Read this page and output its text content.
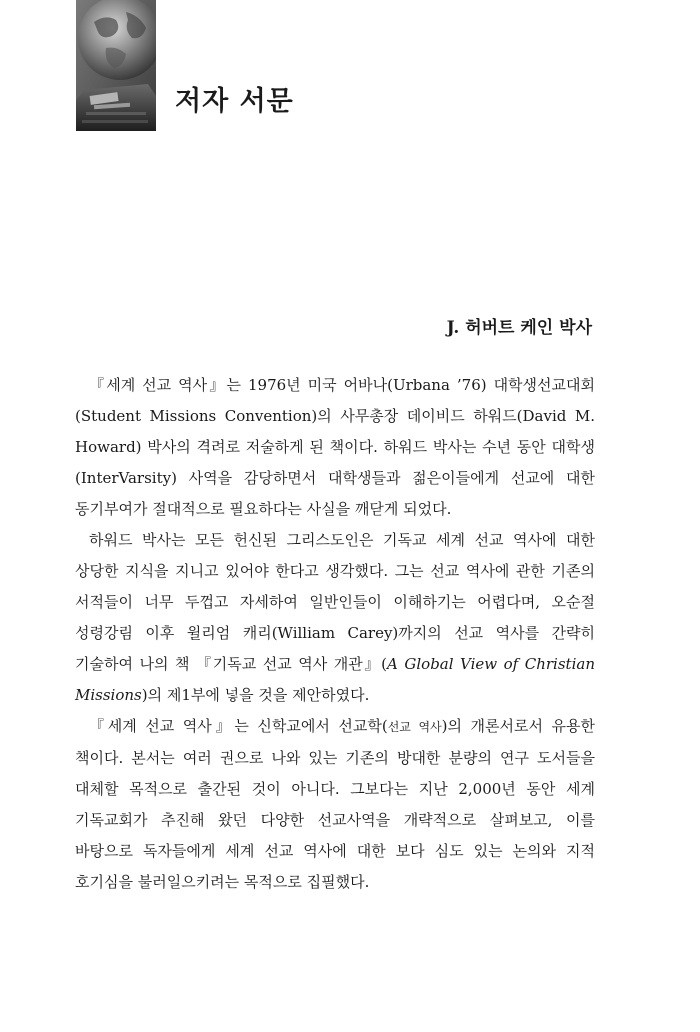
저자 서문

J. 허버트 케인 박사

『세계 선교 역사』는 1976년 미국 어바나(Urbana ’76) 대학생선교대회(Student Missions Convention)의 사무총장 데이비드 하워드(David M. Howard) 박사의 격려로 저술하게 된 책이다. 하워드 박사는 수년 동안 대학생(InterVarsity) 사역을 감당하면서 대학생들과 젊은이들에게 선교에 대한 동기부여가 절대적으로 필요하다는 사실을 깨닫게 되었다.

하워드 박사는 모든 헌신된 그리스도인은 기독교 세계 선교 역사에 대한 상당한 지식을 지니고 있어야 한다고 생각했다. 그는 선교 역사에 관한 기존의 서적들이 너무 두껍고 자세하여 일반인들이 이해하기는 어렵다며, 오순절 성령강림 이후 윌리엄 캐리(William Carey)까지의 선교 역사를 간략히 기술하여 나의 책 『기독교 선교 역사 개관』(A Global View of Christian Missions)의 제1부에 넣을 것을 제안하였다.

『세계 선교 역사』는 신학교에서 선교학(선교 역사)의 개론서로서 유용한 책이다. 본서는 여러 권으로 나와 있는 기존의 방대한 분량의 연구 도서들을 대체할 목적으로 출간된 것이 아니다. 그보다는 지난 2,000년 동안 세계 기독교회가 추진해 왔던 다양한 선교사역을 개략적으로 살펴보고, 이를 바탕으로 독자들에게 세계 선교 역사에 대한 보다 심도 있는 논의와 지적 호기심을 불러일으키려는 목적으로 집필했다.
